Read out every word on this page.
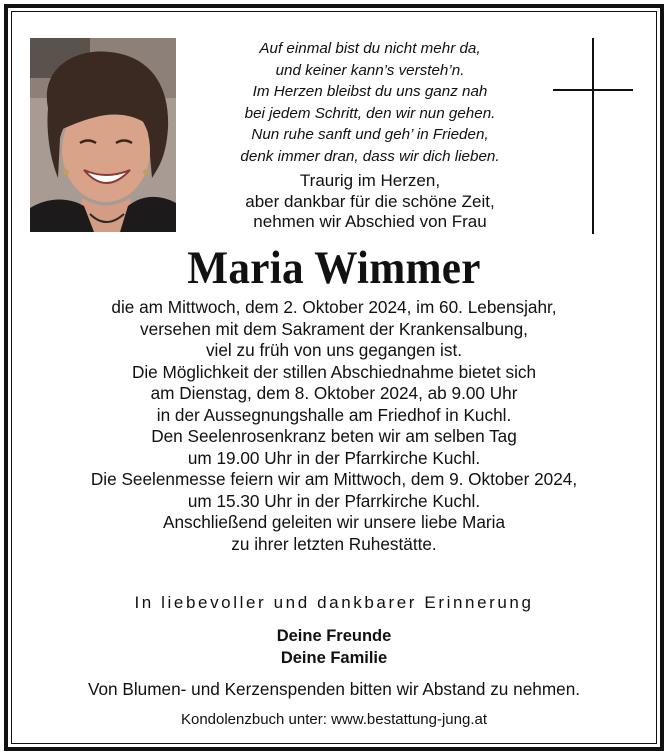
Auf einmal bist du nicht mehr da,
und keiner kann’s versteh’n.
Im Herzen bleibst du uns ganz nah
bei jedem Schritt, den wir nun gehen.
Nun ruhe sanft und geh’ in Frieden,
denk immer dran, dass wir dich lieben.
Traurig im Herzen,
aber dankbar für die schöne Zeit,
nehmen wir Abschied von Frau
Maria Wimmer
die am Mittwoch, dem 2. Oktober 2024, im 60. Lebensjahr,
versehen mit dem Sakrament der Krankensalbung,
viel zu früh von uns gegangen ist.
Die Möglichkeit der stillen Abschiednahme bietet sich
am Dienstag, dem 8. Oktober 2024, ab 9.00 Uhr
in der Aussegnungshalle am Friedhof in Kuchl.
Den Seelenrosenkranz beten wir am selben Tag
um 19.00 Uhr in der Pfarrkirche Kuchl.
Die Seelenmesse feiern wir am Mittwoch, dem 9. Oktober 2024,
um 15.30 Uhr in der Pfarrkirche Kuchl.
Anschließend geleiten wir unsere liebe Maria
zu ihrer letzten Ruhestätte.
In liebevoller und dankbarer Erinnerung
Deine Freunde
Deine Familie
Von Blumen- und Kerzenspenden bitten wir Abstand zu nehmen.
Kondolenzbuch unter: www.bestattung-jung.at
